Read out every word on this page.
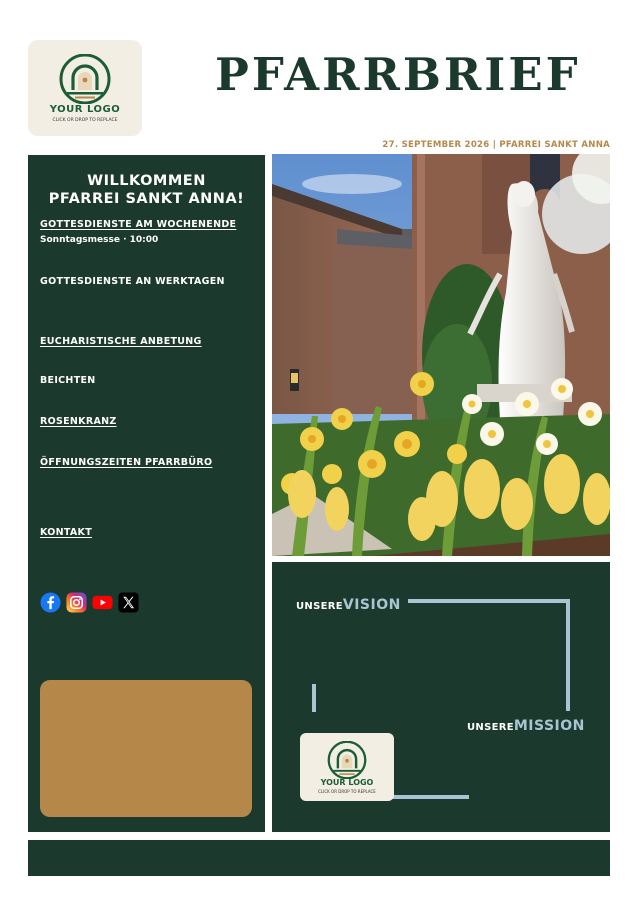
YOUR LOGO
CLICK OR DROP TO REPLACE
PFARRBRIEF
27. SEPTEMBER 2026 | PFARREI SANKT ANNA
WILLKOMMEN
PFARREI SANKT ANNA!
GOTTESDIENSTE AM WOCHENENDE
Sonntagsmesse · 10:00
GOTTESDIENSTE AN WERKTAGEN
EUCHARISTISCHE ANBETUNG
BEICHTEN
ROSENKRANZ
ÖFFNUNGSZEITEN PFARRBÜRO
KONTAKT
UNSEREVISION
UNSEREMISSION
YOUR LOGO
CLICK OR DROP TO REPLACE
